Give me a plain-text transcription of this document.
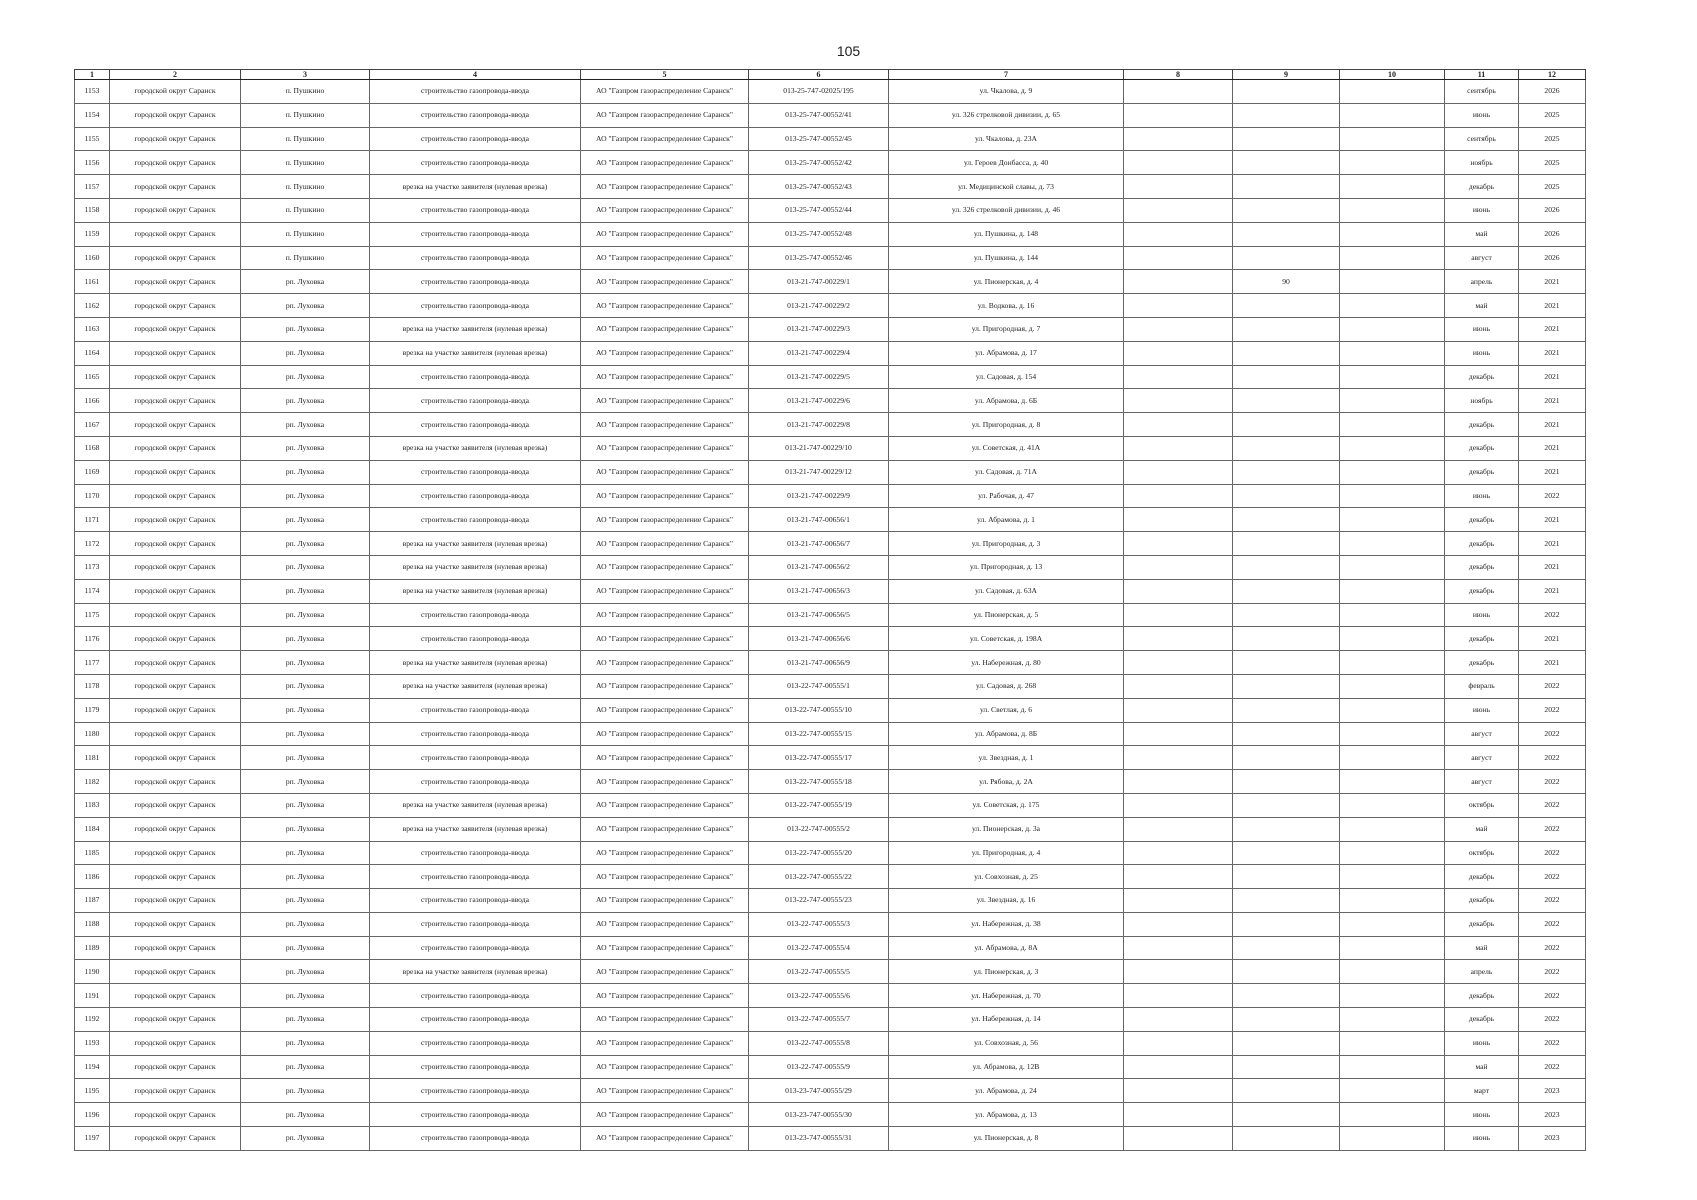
105
1	2	3	4	5	6	7	8	9	10	11	12
1153	городской округ Саранск	п. Пушкино	строительство газопровода-ввода	АО "Газпром газораспределение Саранск"	013-25-747-02025/195	ул. Чкалова, д. 9				сентябрь	2026
1154	городской округ Саранск	п. Пушкино	строительство газопровода-ввода	АО "Газпром газораспределение Саранск"	013-25-747-00552/41	ул. 326 стрелковой дивизии, д. 65				июнь	2025
1155	городской округ Саранск	п. Пушкино	строительство газопровода-ввода	АО "Газпром газораспределение Саранск"	013-25-747-00552/45	ул. Чкалова, д. 23А				сентябрь	2025
1156	городской округ Саранск	п. Пушкино	строительство газопровода-ввода	АО "Газпром газораспределение Саранск"	013-25-747-00552/42	ул. Героев Донбасса, д. 40				ноябрь	2025
1157	городской округ Саранск	п. Пушкино	врезка на участке заявителя (нулевая врезка)	АО "Газпром газораспределение Саранск"	013-25-747-00552/43	ул. Медицинской славы, д. 73				декабрь	2025
1158	городской округ Саранск	п. Пушкино	строительство газопровода-ввода	АО "Газпром газораспределение Саранск"	013-25-747-00552/44	ул. 326 стрелковой дивизии, д. 46				июнь	2026
1159	городской округ Саранск	п. Пушкино	строительство газопровода-ввода	АО "Газпром газораспределение Саранск"	013-25-747-00552/48	ул. Пушкина, д. 148				май	2026
1160	городской округ Саранск	п. Пушкино	строительство газопровода-ввода	АО "Газпром газораспределение Саранск"	013-25-747-00552/46	ул. Пушкина, д. 144				август	2026
1161	городской округ Саранск	рп. Луховка	строительство газопровода-ввода	АО "Газпром газораспределение Саранск"	013-21-747-00229/1	ул. Пионерская, д. 4		90		апрель	2021
1162	городской округ Саранск	рп. Луховка	строительство газопровода-ввода	АО "Газпром газораспределение Саранск"	013-21-747-00229/2	ул. Водкова, д. 16				май	2021
1163	городской округ Саранск	рп. Луховка	врезка на участке заявителя (нулевая врезка)	АО "Газпром газораспределение Саранск"	013-21-747-00229/3	ул. Пригородная, д. 7				июнь	2021
1164	городской округ Саранск	рп. Луховка	врезка на участке заявителя (нулевая врезка)	АО "Газпром газораспределение Саранск"	013-21-747-00229/4	ул. Абрамова, д. 17				июнь	2021
1165	городской округ Саранск	рп. Луховка	строительство газопровода-ввода	АО "Газпром газораспределение Саранск"	013-21-747-00229/5	ул. Садовая, д. 154				декабрь	2021
1166	городской округ Саранск	рп. Луховка	строительство газопровода-ввода	АО "Газпром газораспределение Саранск"	013-21-747-00229/6	ул. Абрамова, д. 6Б				ноябрь	2021
1167	городской округ Саранск	рп. Луховка	строительство газопровода-ввода	АО "Газпром газораспределение Саранск"	013-21-747-00229/8	ул. Пригородная, д. 8				декабрь	2021
1168	городской округ Саранск	рп. Луховка	врезка на участке заявителя (нулевая врезка)	АО "Газпром газораспределение Саранск"	013-21-747-00229/10	ул. Советская, д. 41А				декабрь	2021
1169	городской округ Саранск	рп. Луховка	строительство газопровода-ввода	АО "Газпром газораспределение Саранск"	013-21-747-00229/12	ул. Садовая, д. 71А				декабрь	2021
1170	городской округ Саранск	рп. Луховка	строительство газопровода-ввода	АО "Газпром газораспределение Саранск"	013-21-747-00229/9	ул. Рабочая, д. 47				июнь	2022
1171	городской округ Саранск	рп. Луховка	строительство газопровода-ввода	АО "Газпром газораспределение Саранск"	013-21-747-00656/1	ул. Абрамова, д. 1				декабрь	2021
1172	городской округ Саранск	рп. Луховка	врезка на участке заявителя (нулевая врезка)	АО "Газпром газораспределение Саранск"	013-21-747-00656/7	ул. Пригородная, д. 3				декабрь	2021
1173	городской округ Саранск	рп. Луховка	врезка на участке заявителя (нулевая врезка)	АО "Газпром газораспределение Саранск"	013-21-747-00656/2	ул. Пригородная, д. 13				декабрь	2021
1174	городской округ Саранск	рп. Луховка	врезка на участке заявителя (нулевая врезка)	АО "Газпром газораспределение Саранск"	013-21-747-00656/3	ул. Садовая, д. 63А				декабрь	2021
1175	городской округ Саранск	рп. Луховка	строительство газопровода-ввода	АО "Газпром газораспределение Саранск"	013-21-747-00656/5	ул. Пионерская, д. 5				июнь	2022
1176	городской округ Саранск	рп. Луховка	строительство газопровода-ввода	АО "Газпром газораспределение Саранск"	013-21-747-00656/6	ул. Советская, д. 198А				декабрь	2021
1177	городской округ Саранск	рп. Луховка	врезка на участке заявителя (нулевая врезка)	АО "Газпром газораспределение Саранск"	013-21-747-00656/9	ул. Набережная, д. 80				декабрь	2021
1178	городской округ Саранск	рп. Луховка	врезка на участке заявителя (нулевая врезка)	АО "Газпром газораспределение Саранск"	013-22-747-00555/1	ул. Садовая, д. 268				февраль	2022
1179	городской округ Саранск	рп. Луховка	строительство газопровода-ввода	АО "Газпром газораспределение Саранск"	013-22-747-00555/10	ул. Светлая, д. 6				июнь	2022
1180	городской округ Саранск	рп. Луховка	строительство газопровода-ввода	АО "Газпром газораспределение Саранск"	013-22-747-00555/15	ул. Абрамова, д. 8Б				август	2022
1181	городской округ Саранск	рп. Луховка	строительство газопровода-ввода	АО "Газпром газораспределение Саранск"	013-22-747-00555/17	ул. Звездная, д. 1				август	2022
1182	городской округ Саранск	рп. Луховка	строительство газопровода-ввода	АО "Газпром газораспределение Саранск"	013-22-747-00555/18	ул. Рябова, д. 2А				август	2022
1183	городской округ Саранск	рп. Луховка	врезка на участке заявителя (нулевая врезка)	АО "Газпром газораспределение Саранск"	013-22-747-00555/19	ул. Советская, д. 175				октябрь	2022
1184	городской округ Саранск	рп. Луховка	врезка на участке заявителя (нулевая врезка)	АО "Газпром газораспределение Саранск"	013-22-747-00555/2	ул. Пионерская, д. 3а				май	2022
1185	городской округ Саранск	рп. Луховка	строительство газопровода-ввода	АО "Газпром газораспределение Саранск"	013-22-747-00555/20	ул. Пригородная, д. 4				октябрь	2022
1186	городской округ Саранск	рп. Луховка	строительство газопровода-ввода	АО "Газпром газораспределение Саранск"	013-22-747-00555/22	ул. Совхозная, д. 25				декабрь	2022
1187	городской округ Саранск	рп. Луховка	строительство газопровода-ввода	АО "Газпром газораспределение Саранск"	013-22-747-00555/23	ул. Звездная, д. 16				декабрь	2022
1188	городской округ Саранск	рп. Луховка	строительство газопровода-ввода	АО "Газпром газораспределение Саранск"	013-22-747-00555/3	ул. Набережная, д. 38				декабрь	2022
1189	городской округ Саранск	рп. Луховка	строительство газопровода-ввода	АО "Газпром газораспределение Саранск"	013-22-747-00555/4	ул. Абрамова, д. 8А				май	2022
1190	городской округ Саранск	рп. Луховка	врезка на участке заявителя (нулевая врезка)	АО "Газпром газораспределение Саранск"	013-22-747-00555/5	ул. Пионерская, д. 3				апрель	2022
1191	городской округ Саранск	рп. Луховка	строительство газопровода-ввода	АО "Газпром газораспределение Саранск"	013-22-747-00555/6	ул. Набережная, д. 70				декабрь	2022
1192	городской округ Саранск	рп. Луховка	строительство газопровода-ввода	АО "Газпром газораспределение Саранск"	013-22-747-00555/7	ул. Набережная, д. 14				декабрь	2022
1193	городской округ Саранск	рп. Луховка	строительство газопровода-ввода	АО "Газпром газораспределение Саранск"	013-22-747-00555/8	ул. Совхозная, д. 56				июнь	2022
1194	городской округ Саранск	рп. Луховка	строительство газопровода-ввода	АО "Газпром газораспределение Саранск"	013-22-747-00555/9	ул. Абрамова, д. 12В				май	2022
1195	городской округ Саранск	рп. Луховка	строительство газопровода-ввода	АО "Газпром газораспределение Саранск"	013-23-747-00555/29	ул. Абрамова, д. 24				март	2023
1196	городской округ Саранск	рп. Луховка	строительство газопровода-ввода	АО "Газпром газораспределение Саранск"	013-23-747-00555/30	ул. Абрамова, д. 13				июнь	2023
1197	городской округ Саранск	рп. Луховка	строительство газопровода-ввода	АО "Газпром газораспределение Саранск"	013-23-747-00555/31	ул. Пионерская, д. 8				июнь	2023
